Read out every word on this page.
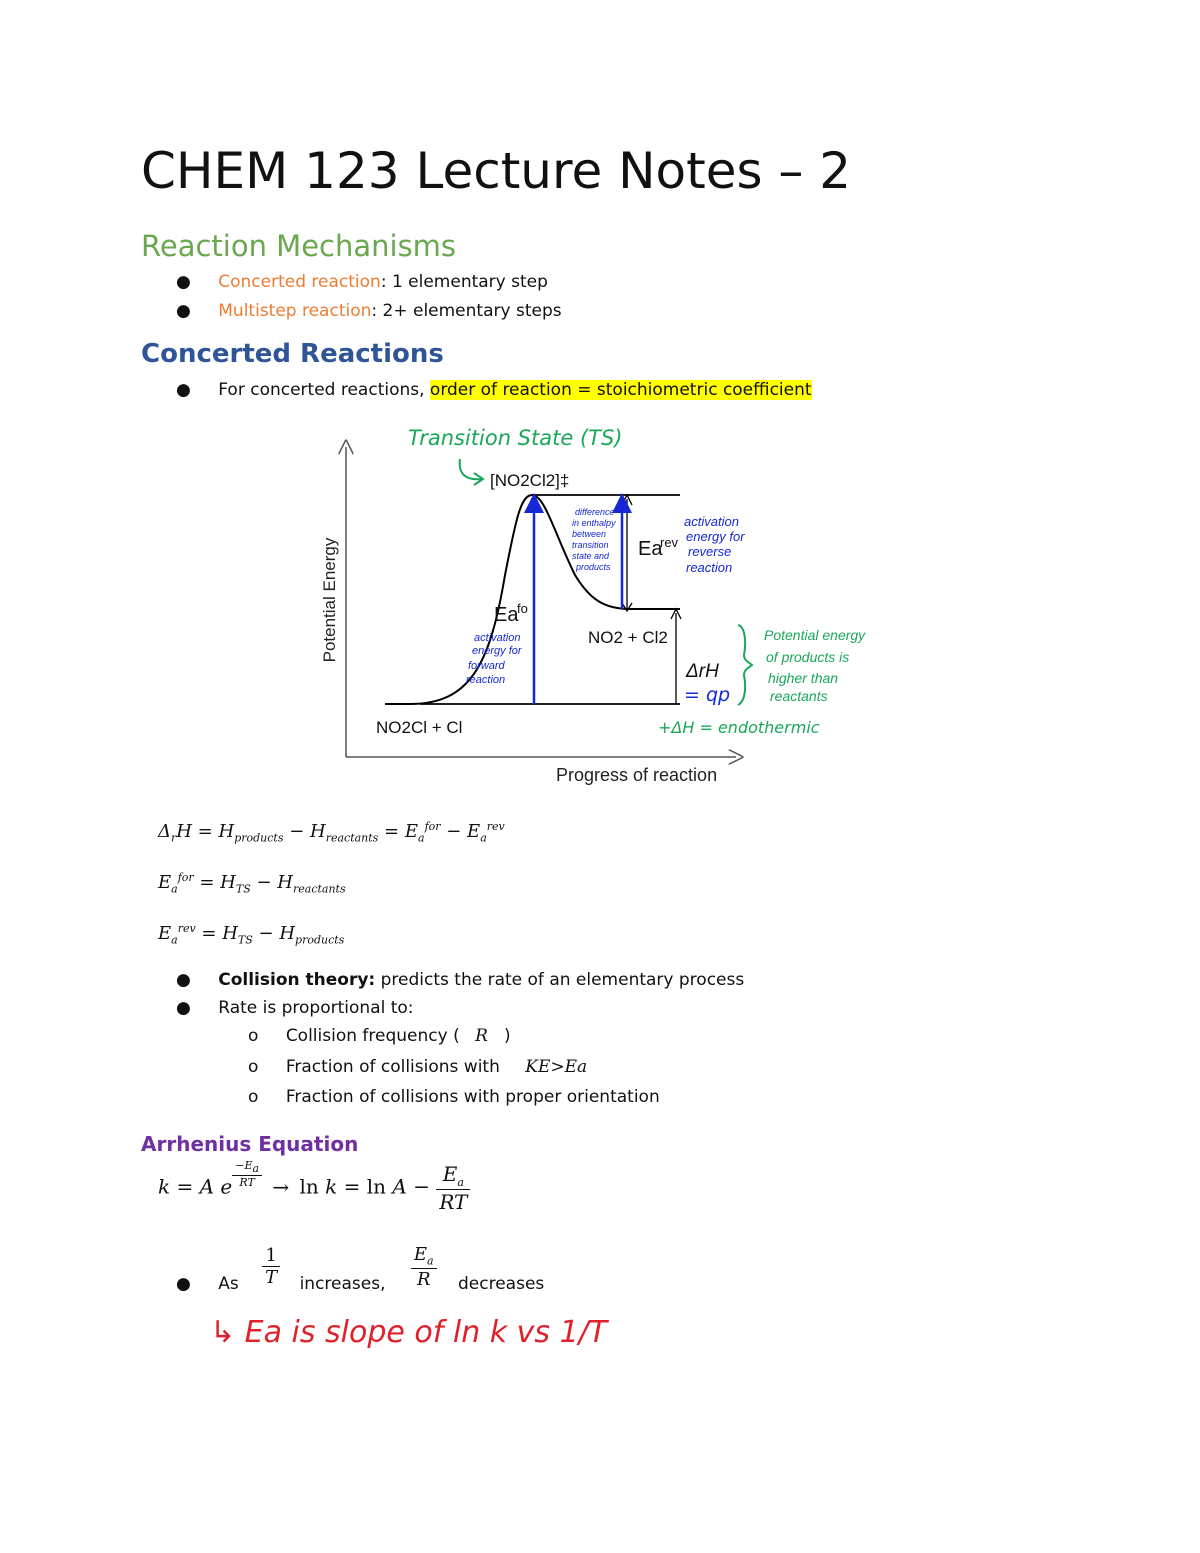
CHEM 123 Lecture Notes – 2
Reaction Mechanisms
● Concerted reaction: 1 elementary step
● Multistep reaction: 2+ elementary steps
Concerted Reactions
● For concerted reactions, order of reaction = stoichiometric coefficient
Potential Energy
Progress of reaction
[NO2Cl2]‡
NO2 + Cl2
NO2Cl + Cl
Ea
rev
Ea
fo
ΔrH
Transition State (TS)
difference
in enthalpy
between
transition
state and
products
activation
energy for
forward
reaction
activation
energy for
reverse
reaction
= qp
Potential energy
of products is
higher than
reactants
+ΔH = endothermic
$\Delta_rH = H_{products} - H_{reactants} = E_a^{for} - E_a^{rev}$
$E_a^{for} = H_{TS} - H_{reactants}$
$E_a^{rev} = H_{TS} - H_{products}$
● Collision theory: predicts the rate of an elementary process
● Rate is proportional to:
o Collision frequency ( R )
o Fraction of collisions with KE>Ea
o Fraction of collisions with proper orientation
Arrhenius Equation
k = A e $^{\frac{-E_a}{RT}} \to \ln k = \ln A - \frac{E_a}{RT}$
● As $\frac{1}{T}$ increases, $\frac{E_a}{R}$ decreases
↳ Ea is slope of ln k vs 1/T
